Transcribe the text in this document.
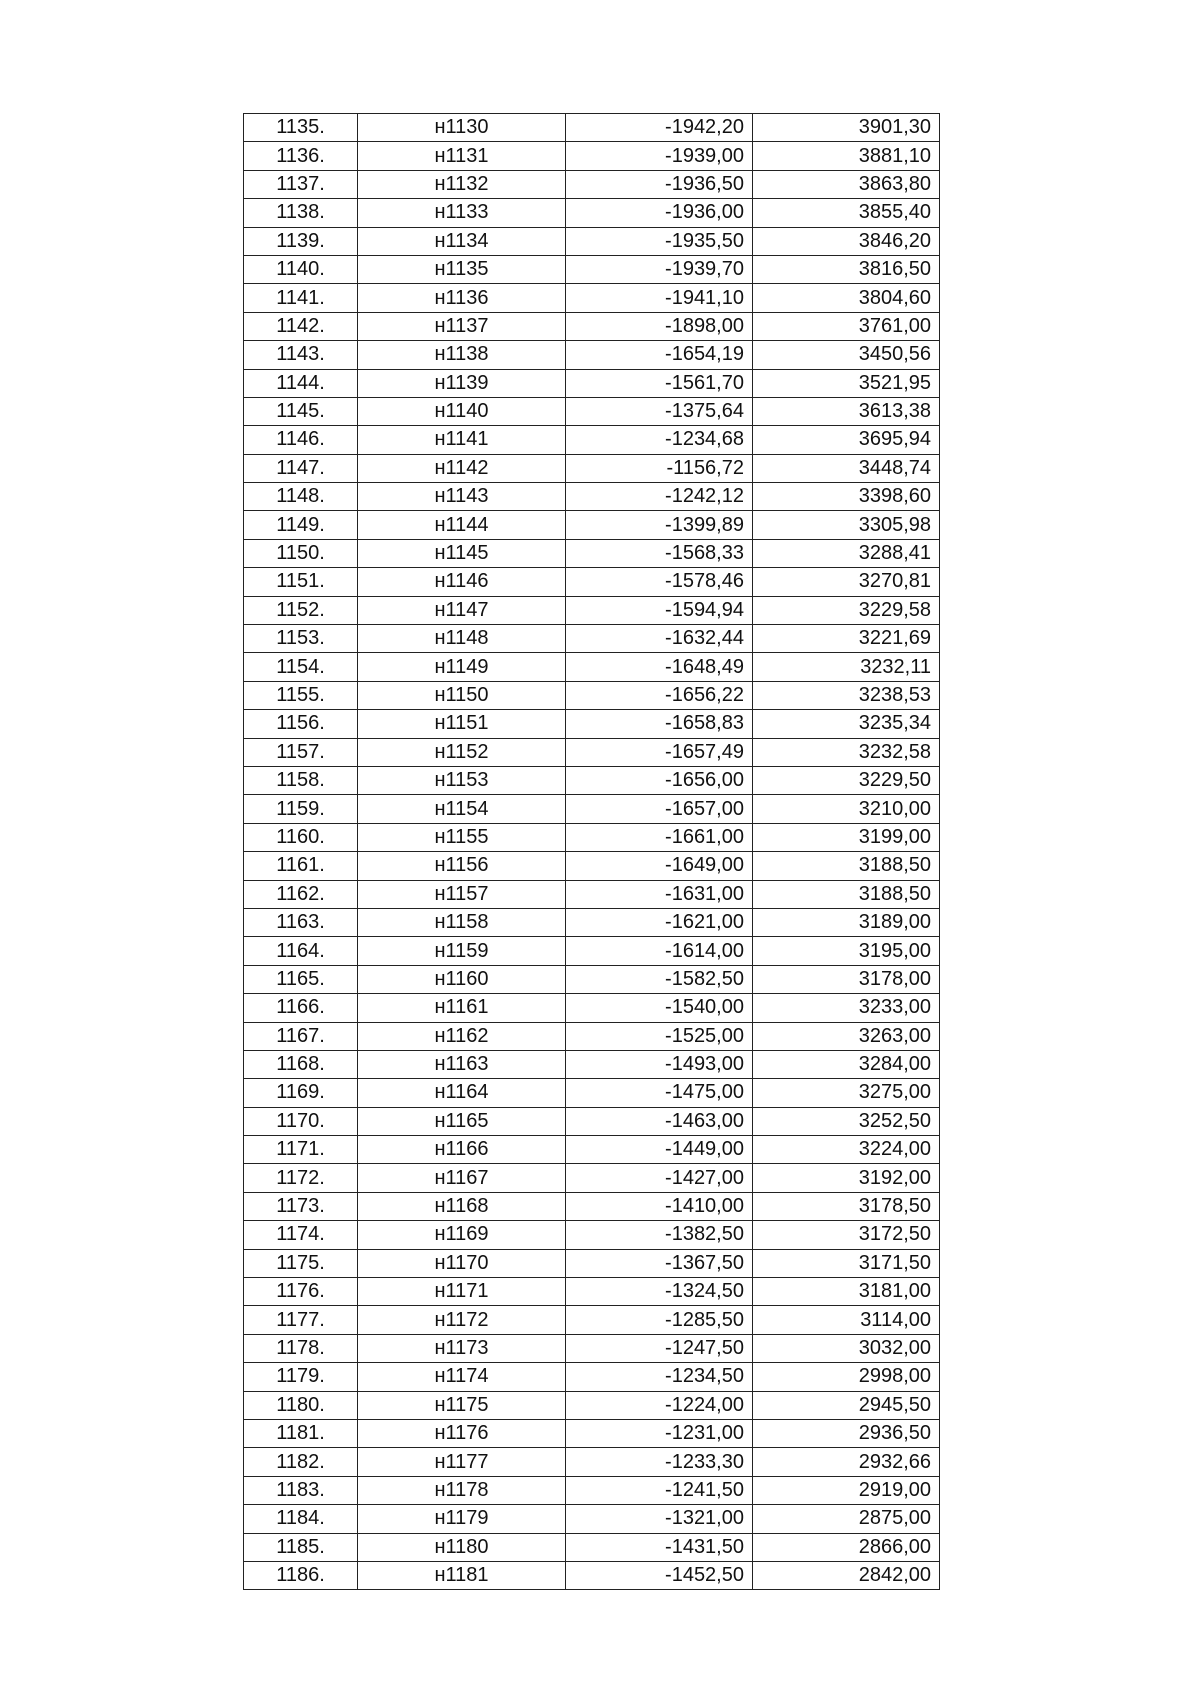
1135.	н1130	-1942,20	3901,30
1136.	н1131	-1939,00	3881,10
1137.	н1132	-1936,50	3863,80
1138.	н1133	-1936,00	3855,40
1139.	н1134	-1935,50	3846,20
1140.	н1135	-1939,70	3816,50
1141.	н1136	-1941,10	3804,60
1142.	н1137	-1898,00	3761,00
1143.	н1138	-1654,19	3450,56
1144.	н1139	-1561,70	3521,95
1145.	н1140	-1375,64	3613,38
1146.	н1141	-1234,68	3695,94
1147.	н1142	-1156,72	3448,74
1148.	н1143	-1242,12	3398,60
1149.	н1144	-1399,89	3305,98
1150.	н1145	-1568,33	3288,41
1151.	н1146	-1578,46	3270,81
1152.	н1147	-1594,94	3229,58
1153.	н1148	-1632,44	3221,69
1154.	н1149	-1648,49	3232,11
1155.	н1150	-1656,22	3238,53
1156.	н1151	-1658,83	3235,34
1157.	н1152	-1657,49	3232,58
1158.	н1153	-1656,00	3229,50
1159.	н1154	-1657,00	3210,00
1160.	н1155	-1661,00	3199,00
1161.	н1156	-1649,00	3188,50
1162.	н1157	-1631,00	3188,50
1163.	н1158	-1621,00	3189,00
1164.	н1159	-1614,00	3195,00
1165.	н1160	-1582,50	3178,00
1166.	н1161	-1540,00	3233,00
1167.	н1162	-1525,00	3263,00
1168.	н1163	-1493,00	3284,00
1169.	н1164	-1475,00	3275,00
1170.	н1165	-1463,00	3252,50
1171.	н1166	-1449,00	3224,00
1172.	н1167	-1427,00	3192,00
1173.	н1168	-1410,00	3178,50
1174.	н1169	-1382,50	3172,50
1175.	н1170	-1367,50	3171,50
1176.	н1171	-1324,50	3181,00
1177.	н1172	-1285,50	3114,00
1178.	н1173	-1247,50	3032,00
1179.	н1174	-1234,50	2998,00
1180.	н1175	-1224,00	2945,50
1181.	н1176	-1231,00	2936,50
1182.	н1177	-1233,30	2932,66
1183.	н1178	-1241,50	2919,00
1184.	н1179	-1321,00	2875,00
1185.	н1180	-1431,50	2866,00
1186.	н1181	-1452,50	2842,00
